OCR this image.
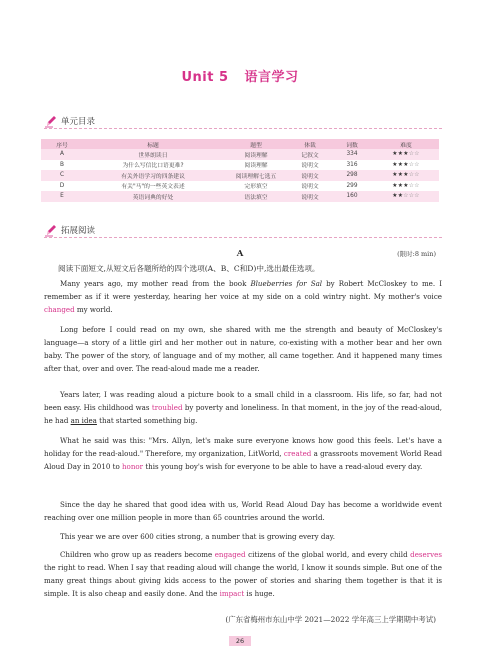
Unit 5 语言学习
单元目录
序号	标题	题型	体裁	词数	难度
A	世界朗读日	阅读理解	记叙文	334	★★★☆☆
B	为什么写信比口语更难?	阅读理解	说明文	316	★★★☆☆
C	有关外语学习的四条建议	阅读理解七选五	说明文	298	★★★☆☆
D	有关"马"的一些英文表述	完形填空	说明文	299	★★★☆☆
E	英语词典的好处	语法填空	说明文	160	★★☆☆☆
拓展阅读
A	(限时:8 min)

阅读下面短文,从短文后各题所给的四个选项(A、B、C和D)中,选出最佳选项。

Many years ago, my mother read from the book Blueberries for Sal by Robert McCloskey to me. I remember as if it were yesterday, hearing her voice at my side on a cold wintry night. My mother's voice changed my world.

Long before I could read on my own, she shared with me the strength and beauty of McCloskey's language—a story of a little girl and her mother out in nature, co-existing with a mother bear and her own baby. The power of the story, of language and of my mother, all came together. And it happened many times after that, over and over. The read-aloud made me a reader.

Years later, I was reading aloud a picture book to a small child in a classroom. His life, so far, had not been easy. His childhood was troubled by poverty and loneliness. In that moment, in the joy of the read-aloud, he had an idea that started something big.

What he said was this: "Mrs. Allyn, let's make sure everyone knows how good this feels. Let's have a holiday for the read-aloud." Therefore, my organization, LitWorld, created a grassroots movement World Read Aloud Day in 2010 to honor this young boy's wish for everyone to be able to have a read-aloud every day.

Since the day he shared that good idea with us, World Read Aloud Day has become a worldwide event reaching over one million people in more than 65 countries around the world.

This year we are over 600 cities strong, a number that is growing every day.

Children who grow up as readers become engaged citizens of the global world, and every child deserves the right to read. When I say that reading aloud will change the world, I know it sounds simple. But one of the many great things about giving kids access to the power of stories and sharing them together is that it is simple. It is also cheap and easily done. And the impact is huge.

(广东省梅州市东山中学 2021—2022 学年高三上学期期中考试)
26
